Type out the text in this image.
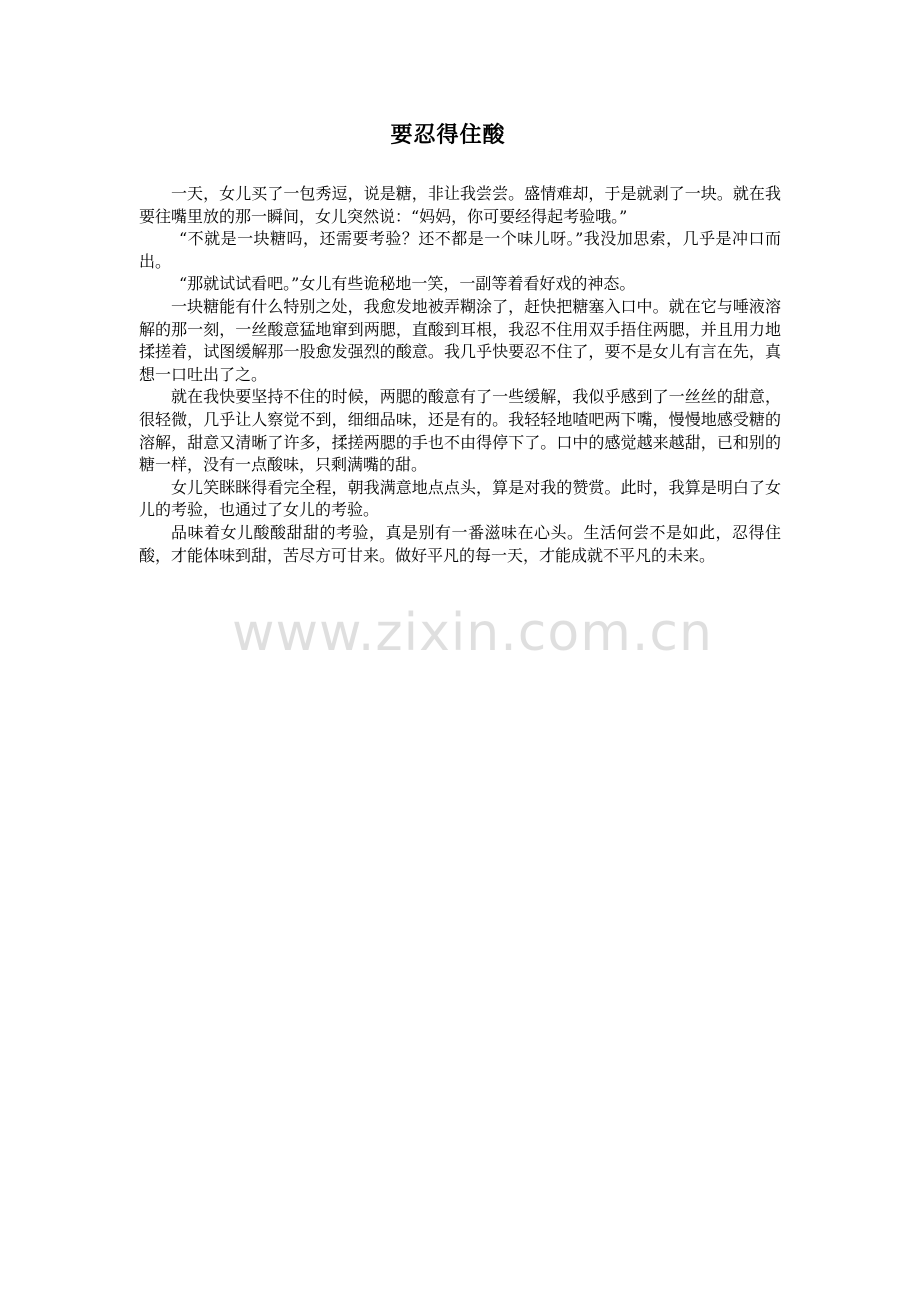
要忍得住酸

一天，女儿买了一包秀逗，说是糖，非让我尝尝。盛情难却，于是就剥了一块。就在我要往嘴里放的那一瞬间，女儿突然说：“妈妈，你可要经得起考验哦。”

“不就是一块糖吗，还需要考验？还不都是一个味儿呀。”我没加思索，几乎是冲口而出。

“那就试试看吧。”女儿有些诡秘地一笑，一副等着看好戏的神态。

一块糖能有什么特别之处，我愈发地被弄糊涂了，赶快把糖塞入口中。就在它与唾液溶解的那一刻，一丝酸意猛地窜到两腮，直酸到耳根，我忍不住用双手捂住两腮，并且用力地揉搓着，试图缓解那一股愈发强烈的酸意。我几乎快要忍不住了，要不是女儿有言在先，真想一口吐出了之。

就在我快要坚持不住的时候，两腮的酸意有了一些缓解，我似乎感到了一丝丝的甜意，很轻微，几乎让人察觉不到，细细品味，还是有的。我轻轻地喳吧两下嘴，慢慢地感受糖的溶解，甜意又清晰了许多，揉搓两腮的手也不由得停下了。口中的感觉越来越甜，已和别的糖一样，没有一点酸味，只剩满嘴的甜。

女儿笑眯眯得看完全程，朝我满意地点点头，算是对我的赞赏。此时，我算是明白了女儿的考验，也通过了女儿的考验。

品味着女儿酸酸甜甜的考验，真是别有一番滋味在心头。生活何尝不是如此，忍得住酸，才能体味到甜，苦尽方可甘来。做好平凡的每一天，才能成就不平凡的未来。

www.zixin.com.cn
